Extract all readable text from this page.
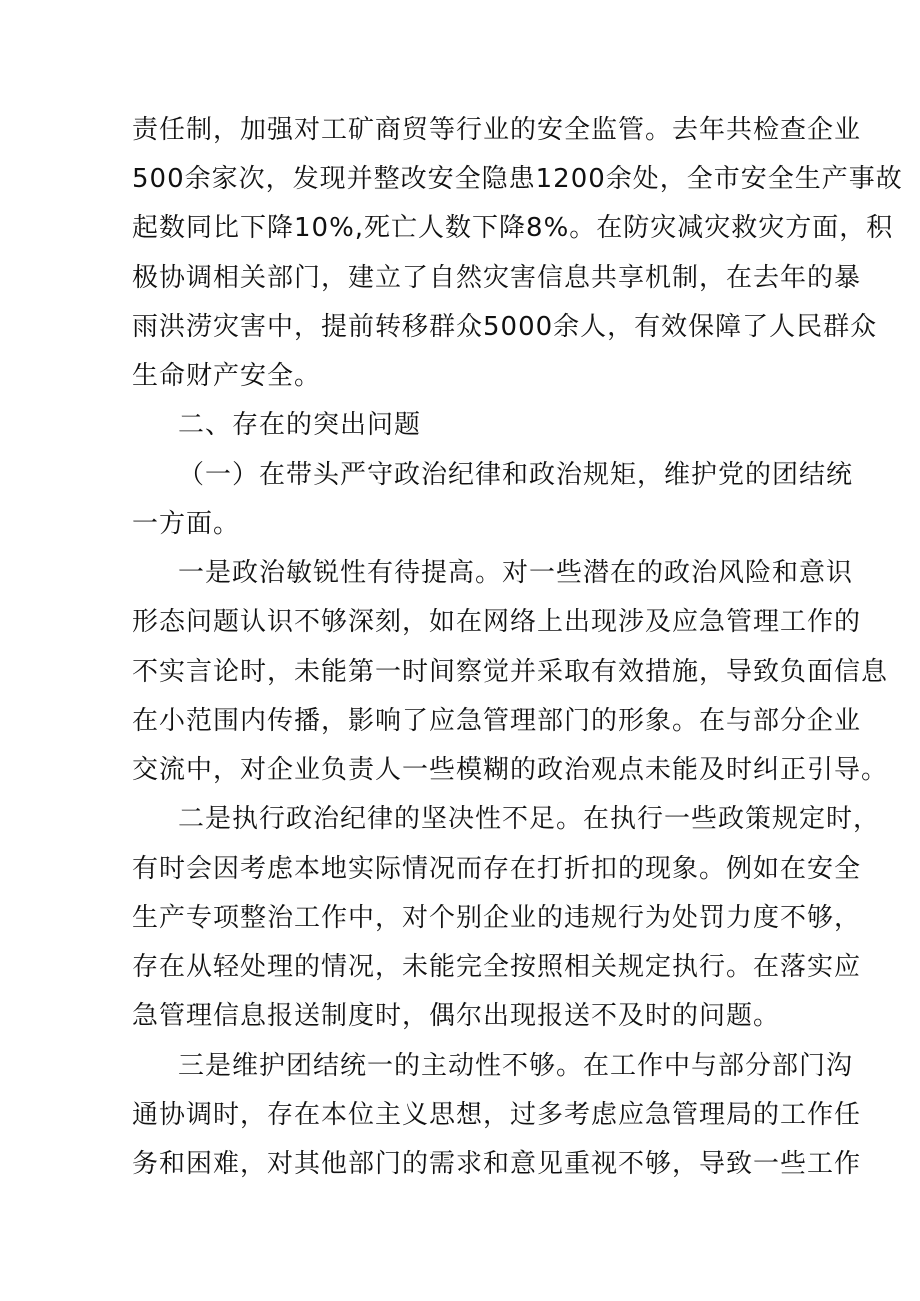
责任制，加强对工矿商贸等行业的安全监管。去年共检查企业
500余家次，发现并整改安全隐患1200余处，全市安全生产事故
起数同比下降10%,死亡人数下降8%。在防灾减灾救灾方面，积
极协调相关部门，建立了自然灾害信息共享机制，在去年的暴
雨洪涝灾害中，提前转移群众5000余人，有效保障了人民群众
生命财产安全。
二、存在的突出问题
（一）在带头严守政治纪律和政治规矩，维护党的团结统
一方面。
一是政治敏锐性有待提高。对一些潜在的政治风险和意识
形态问题认识不够深刻，如在网络上出现涉及应急管理工作的
不实言论时，未能第一时间察觉并采取有效措施，导致负面信息
在小范围内传播，影响了应急管理部门的形象。在与部分企业
交流中，对企业负责人一些模糊的政治观点未能及时纠正引导。
二是执行政治纪律的坚决性不足。在执行一些政策规定时，
有时会因考虑本地实际情况而存在打折扣的现象。例如在安全
生产专项整治工作中，对个别企业的违规行为处罚力度不够，
存在从轻处理的情况，未能完全按照相关规定执行。在落实应
急管理信息报送制度时，偶尔出现报送不及时的问题。
三是维护团结统一的主动性不够。在工作中与部分部门沟
通协调时，存在本位主义思想，过多考虑应急管理局的工作任
务和困难，对其他部门的需求和意见重视不够，导致一些工作
